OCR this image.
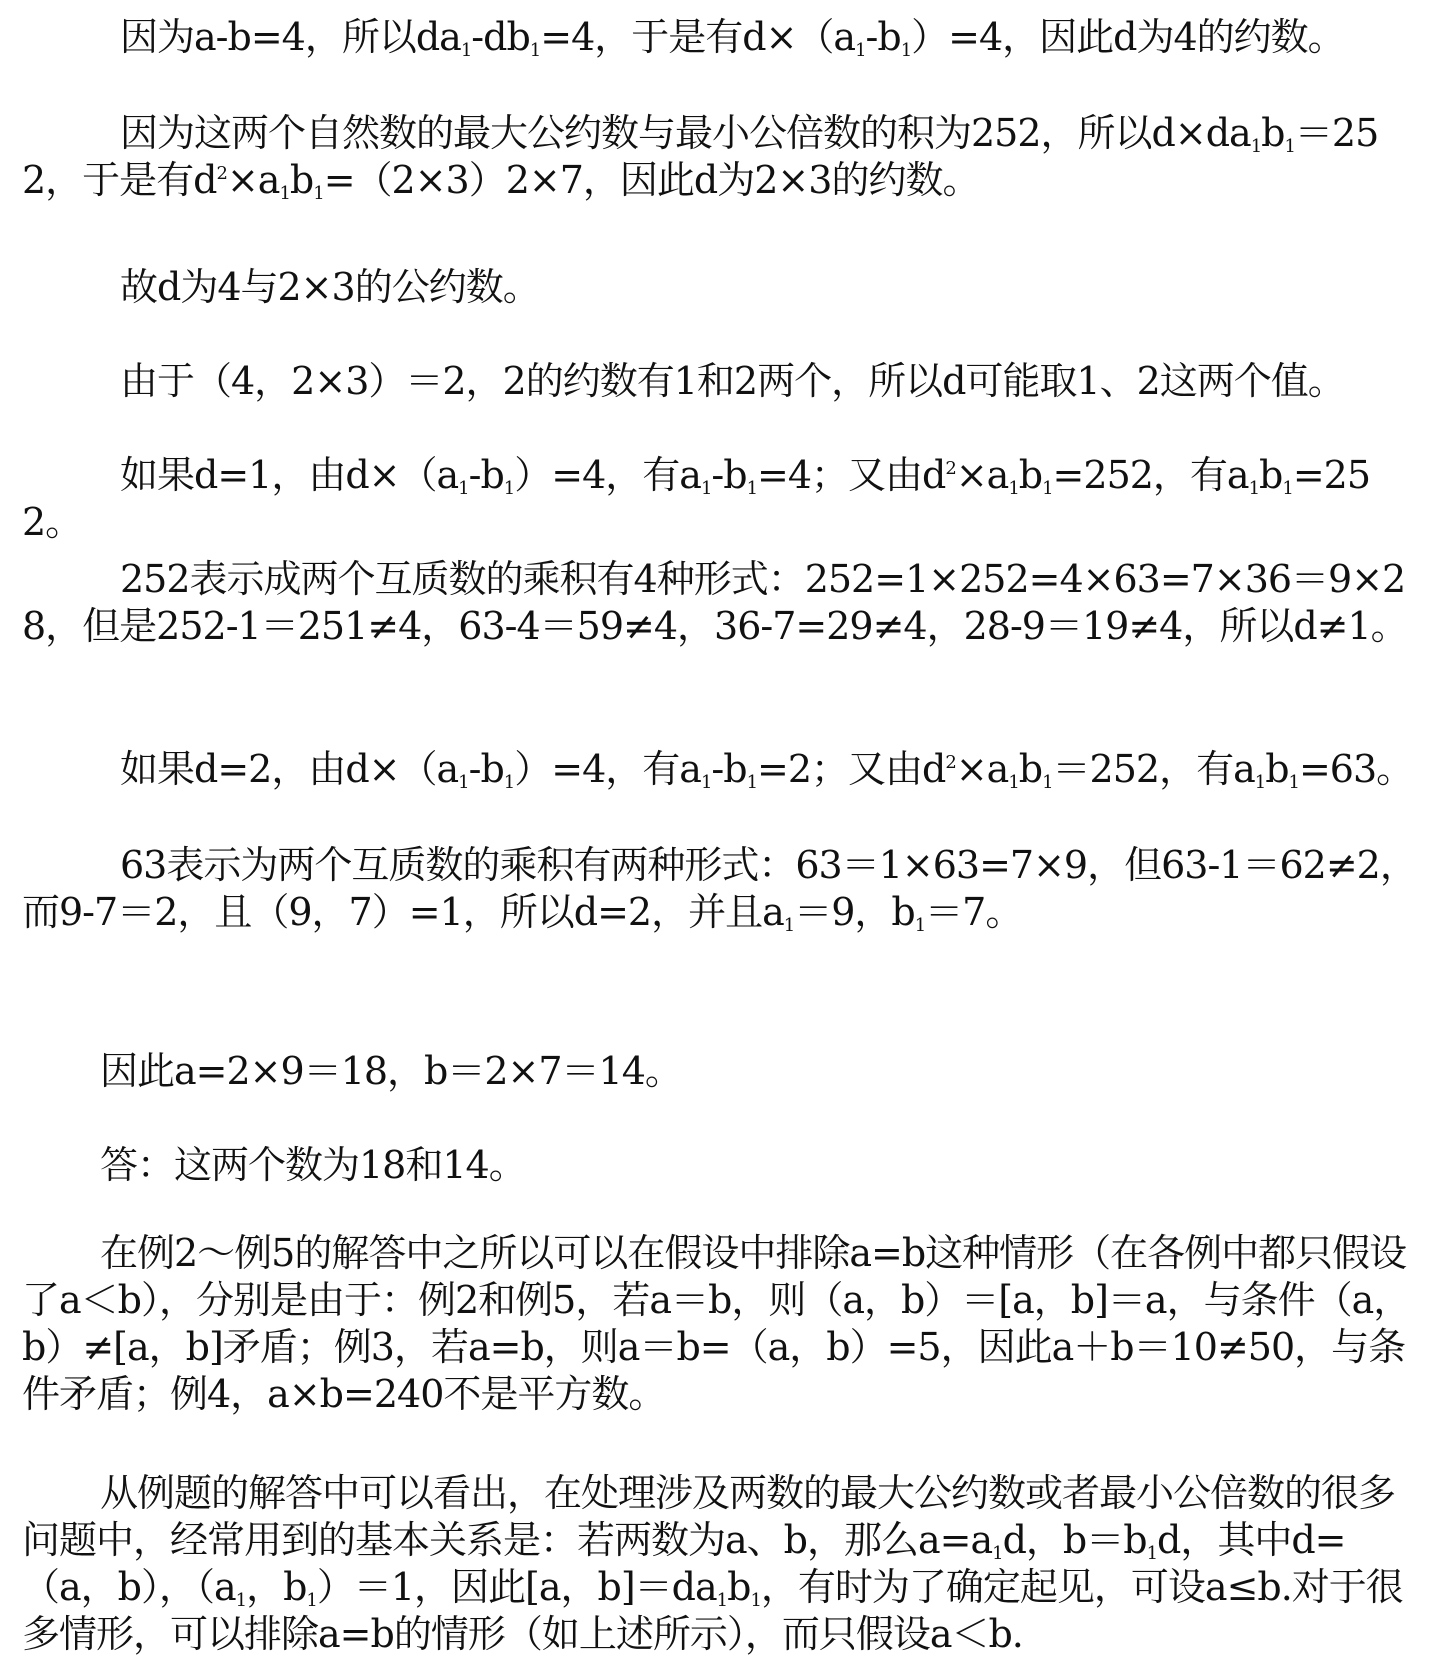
因为a-b=4，所以$da_1-db_1=4$，于是有$d\times(a_1-b_1)=4$，因此d为4的约数。

因为这两个自然数的最大公约数与最小公倍数的积为252，所以$d\times da_1b_1=252$，于是有$d^2\times a_1b_1=(2\times 3)2\times 7$，因此d为2×3的约数。

故d为4与2×3的公约数。

由于（4，2×3）＝2，2的约数有1和2两个，所以d可能取1、2这两个值。

如果d=1，由$d\times(a_1-b_1)=4$，有$a_1-b_1=4$；又由$d^2\times a_1b_1=252$，有$a_1b_1=252$。

252表示成两个互质数的乘积有4种形式：252=1×252=4×63=7×36＝9×28，但是252-1＝251≠4，63-4＝59≠4，36-7=29≠4，28-9＝19≠4，所以d≠1。

如果d=2，由$d\times(a_1-b_1)=4$，有$a_1-b_1=2$；又由$d^2\times a_1b_1=252$，有$a_1b_1=63$。

63表示为两个互质数的乘积有两种形式：63＝1×63=7×9，但63-1＝62≠2，而9-7＝2，且（9，7）=1，所以d=2，并且$a_1=9$，$b_1=7$。

因此a=2×9＝18，b＝2×7＝14。

答：这两个数为18和14。

在例2～例5的解答中之所以可以在假设中排除a=b这种情形（在各例中都只假设了a＜b），分别是由于：例2和例5，若a＝b，则（a，b）＝[a，b]＝a，与条件（a，b）≠[a，b]矛盾；例3，若a=b，则a＝b=（a，b）=5，因此a＋b＝10≠50，与条件矛盾；例4，a×b=240不是平方数。

从例题的解答中可以看出，在处理涉及两数的最大公约数或者最小公倍数的很多问题中，经常用到的基本关系是：若两数为a、b，那么$a=a_1d$，$b=b_1d$，其中d=（a，b），（$a_1$，$b_1)=1$，因此[a，$b]=da_1b_1$，有时为了确定起见，可设a≤b.对于很多情形，可以排除a=b的情形（如上述所示），而只假设a＜b.
